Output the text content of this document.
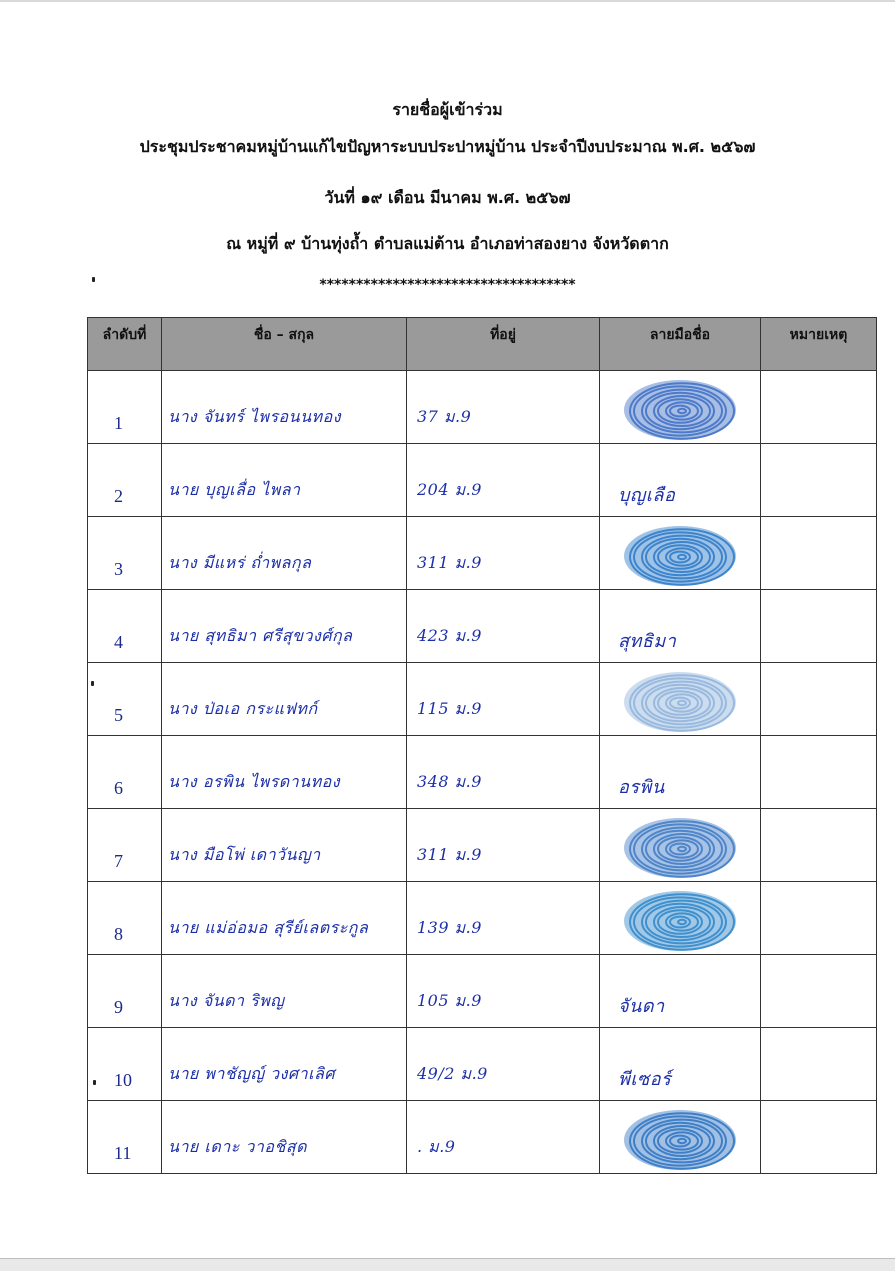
รายชื่อผู้เข้าร่วม
ประชุมประชาคมหมู่บ้านแก้ไขปัญหาระบบประปาหมู่บ้าน ประจำปีงบประมาณ พ.ศ. ๒๕๖๗
วันที่ ๑๙ เดือน มีนาคม พ.ศ. ๒๕๖๗
ณ หมู่ที่ ๙ บ้านทุ่งถ้ำ ตำบลแม่ต้าน อำเภอท่าสองยาง จังหวัดตาก
***********************************
ลำดับที่	ชื่อ – สกุล	ที่อยู่	ลายมือชื่อ	หมายเหตุ

1	นาง จันทร์ ไพรอนนทอง	37 ม.9

2	นาย บุญเลื่อ ไพลา	204 ม.9	บุญเลือ	

3	นาง มีแหร่ ถ่ำพลกุล	311 ม.9

4	นาย สุทธิมา ศรีสุขวงศ์กุล	423 ม.9	สุทธิมา	

5	นาง ป่อเอ กระแฟทก์	115 ม.9

6	นาง อรพิน ไพรดานทอง	348 ม.9	อรพิน	

7	นาง มือโพ่ เดาวันญา	311 ม.9

8	นาย แม่อ่อมอ สุรีย์เลตระกูล	139 ม.9

9	นาง จันดา ริพญ	105 ม.9	จันดา	

10	นาย พาชัญญ์ วงศาเลิศ	49/2 ม.9	พีเซอร์	

11	นาย เดาะ วาอชิสุด	. ม.9
